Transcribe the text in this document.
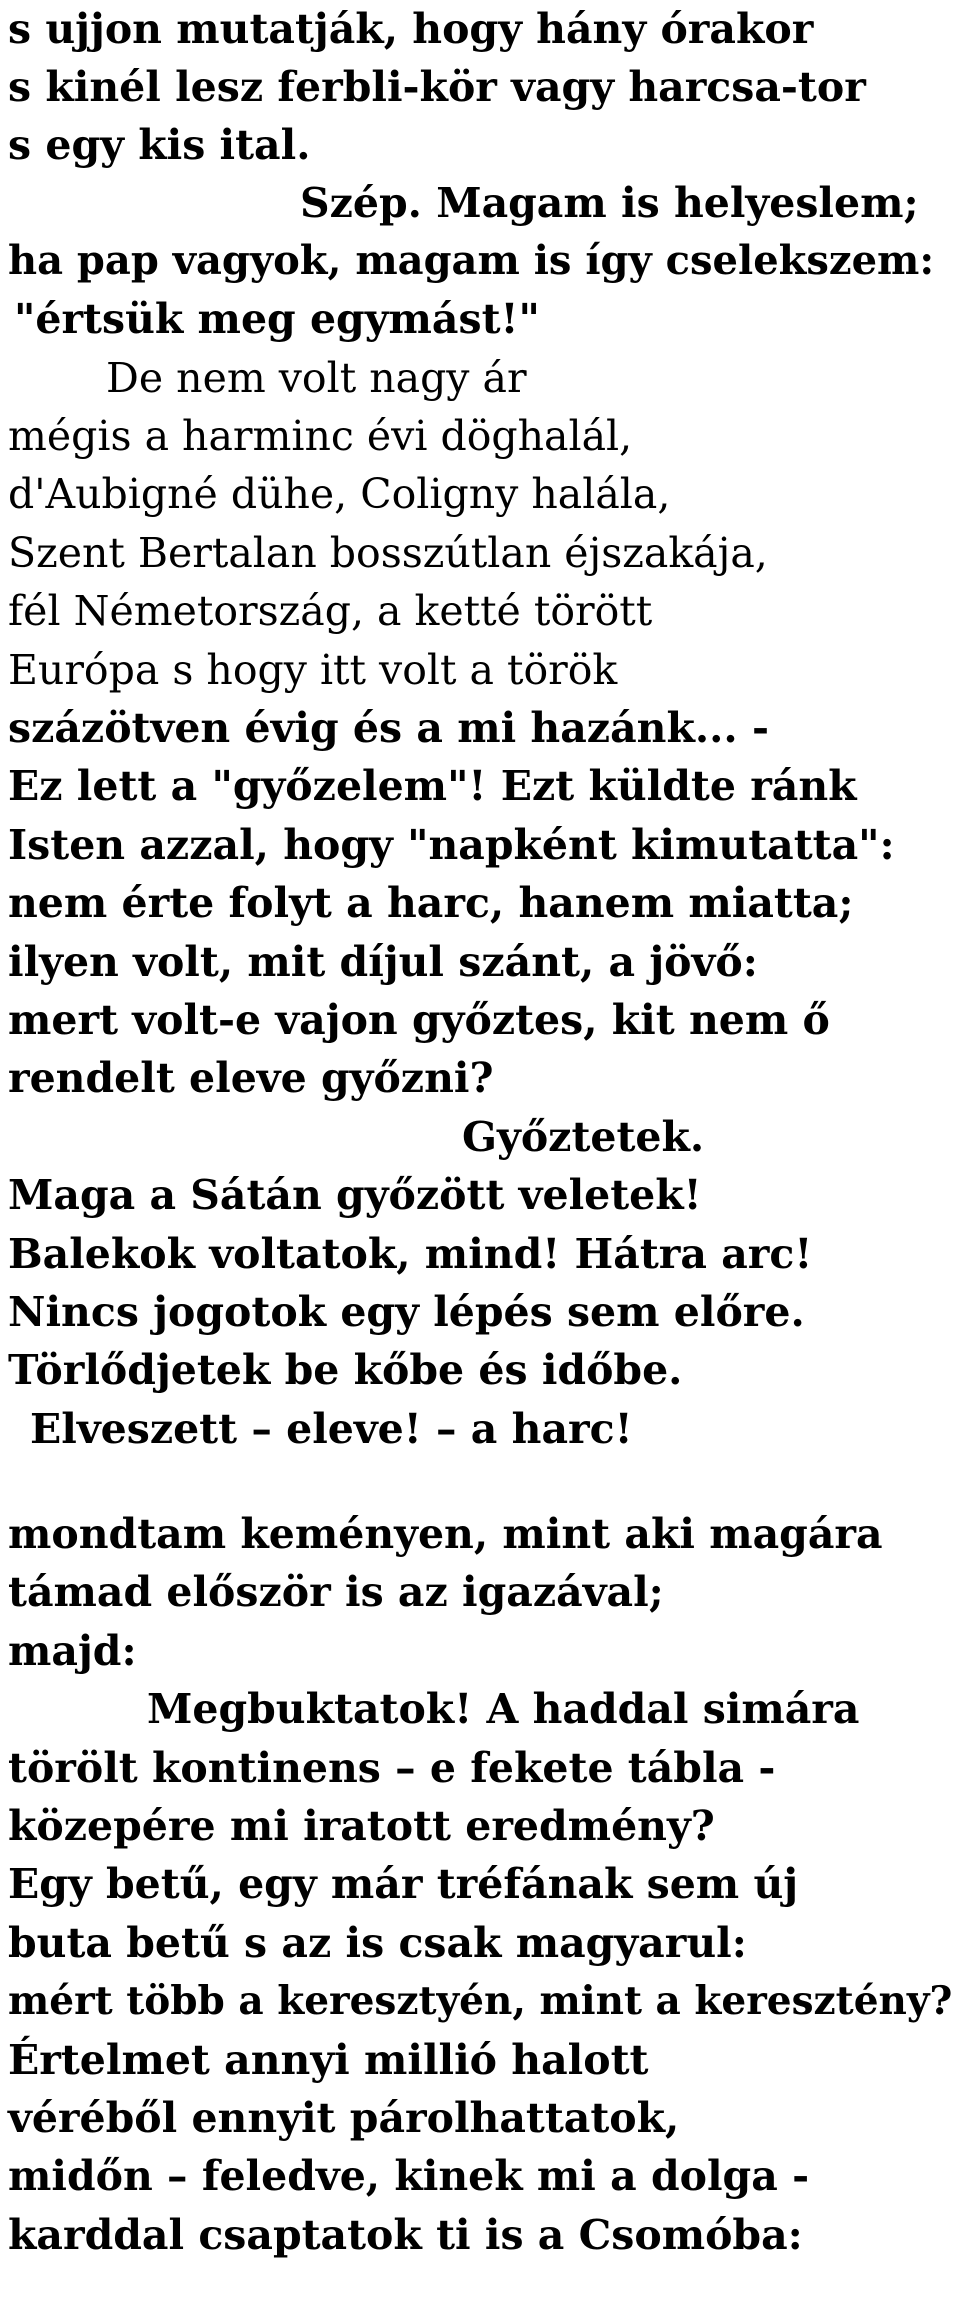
s ujjon mutatják, hogy hány órakor
s kinél lesz ferbli-kör vagy harcsa-tor
s egy kis ital.
Szép. Magam is helyeslem;
ha pap vagyok, magam is így cselekszem:
"értsük meg egymást!"
De nem volt nagy ár
mégis a harminc évi döghalál,
d'Aubigné dühe, Coligny halála,
Szent Bertalan bosszútlan éjszakája,
fél Németország, a ketté törött
Európa s hogy itt volt a török
százötven évig és a mi hazánk... -
Ez lett a "győzelem"! Ezt küldte ránk
Isten azzal, hogy "napként kimutatta":
nem érte folyt a harc, hanem miatta;
ilyen volt, mit díjul szánt, a jövő:
mert volt-e vajon győztes, kit nem ő
rendelt eleve győzni?
Győztetek.
Maga a Sátán győzött veletek!
Balekok voltatok, mind! Hátra arc!
Nincs jogotok egy lépés sem előre.
Törlődjetek be kőbe és időbe.
Elveszett – eleve! – a harc!
mondtam keményen, mint aki magára
támad először is az igazával;
majd:
Megbuktatok! A haddal simára
törölt kontinens – e fekete tábla -
közepére mi iratott eredmény?
Egy betű, egy már tréfának sem új
buta betű s az is csak magyarul:
mért több a keresztyén, mint a keresztény?
Értelmet annyi millió halott
véréből ennyit párolhattatok,
midőn – feledve, kinek mi a dolga -
karddal csaptatok ti is a Csomóba:
